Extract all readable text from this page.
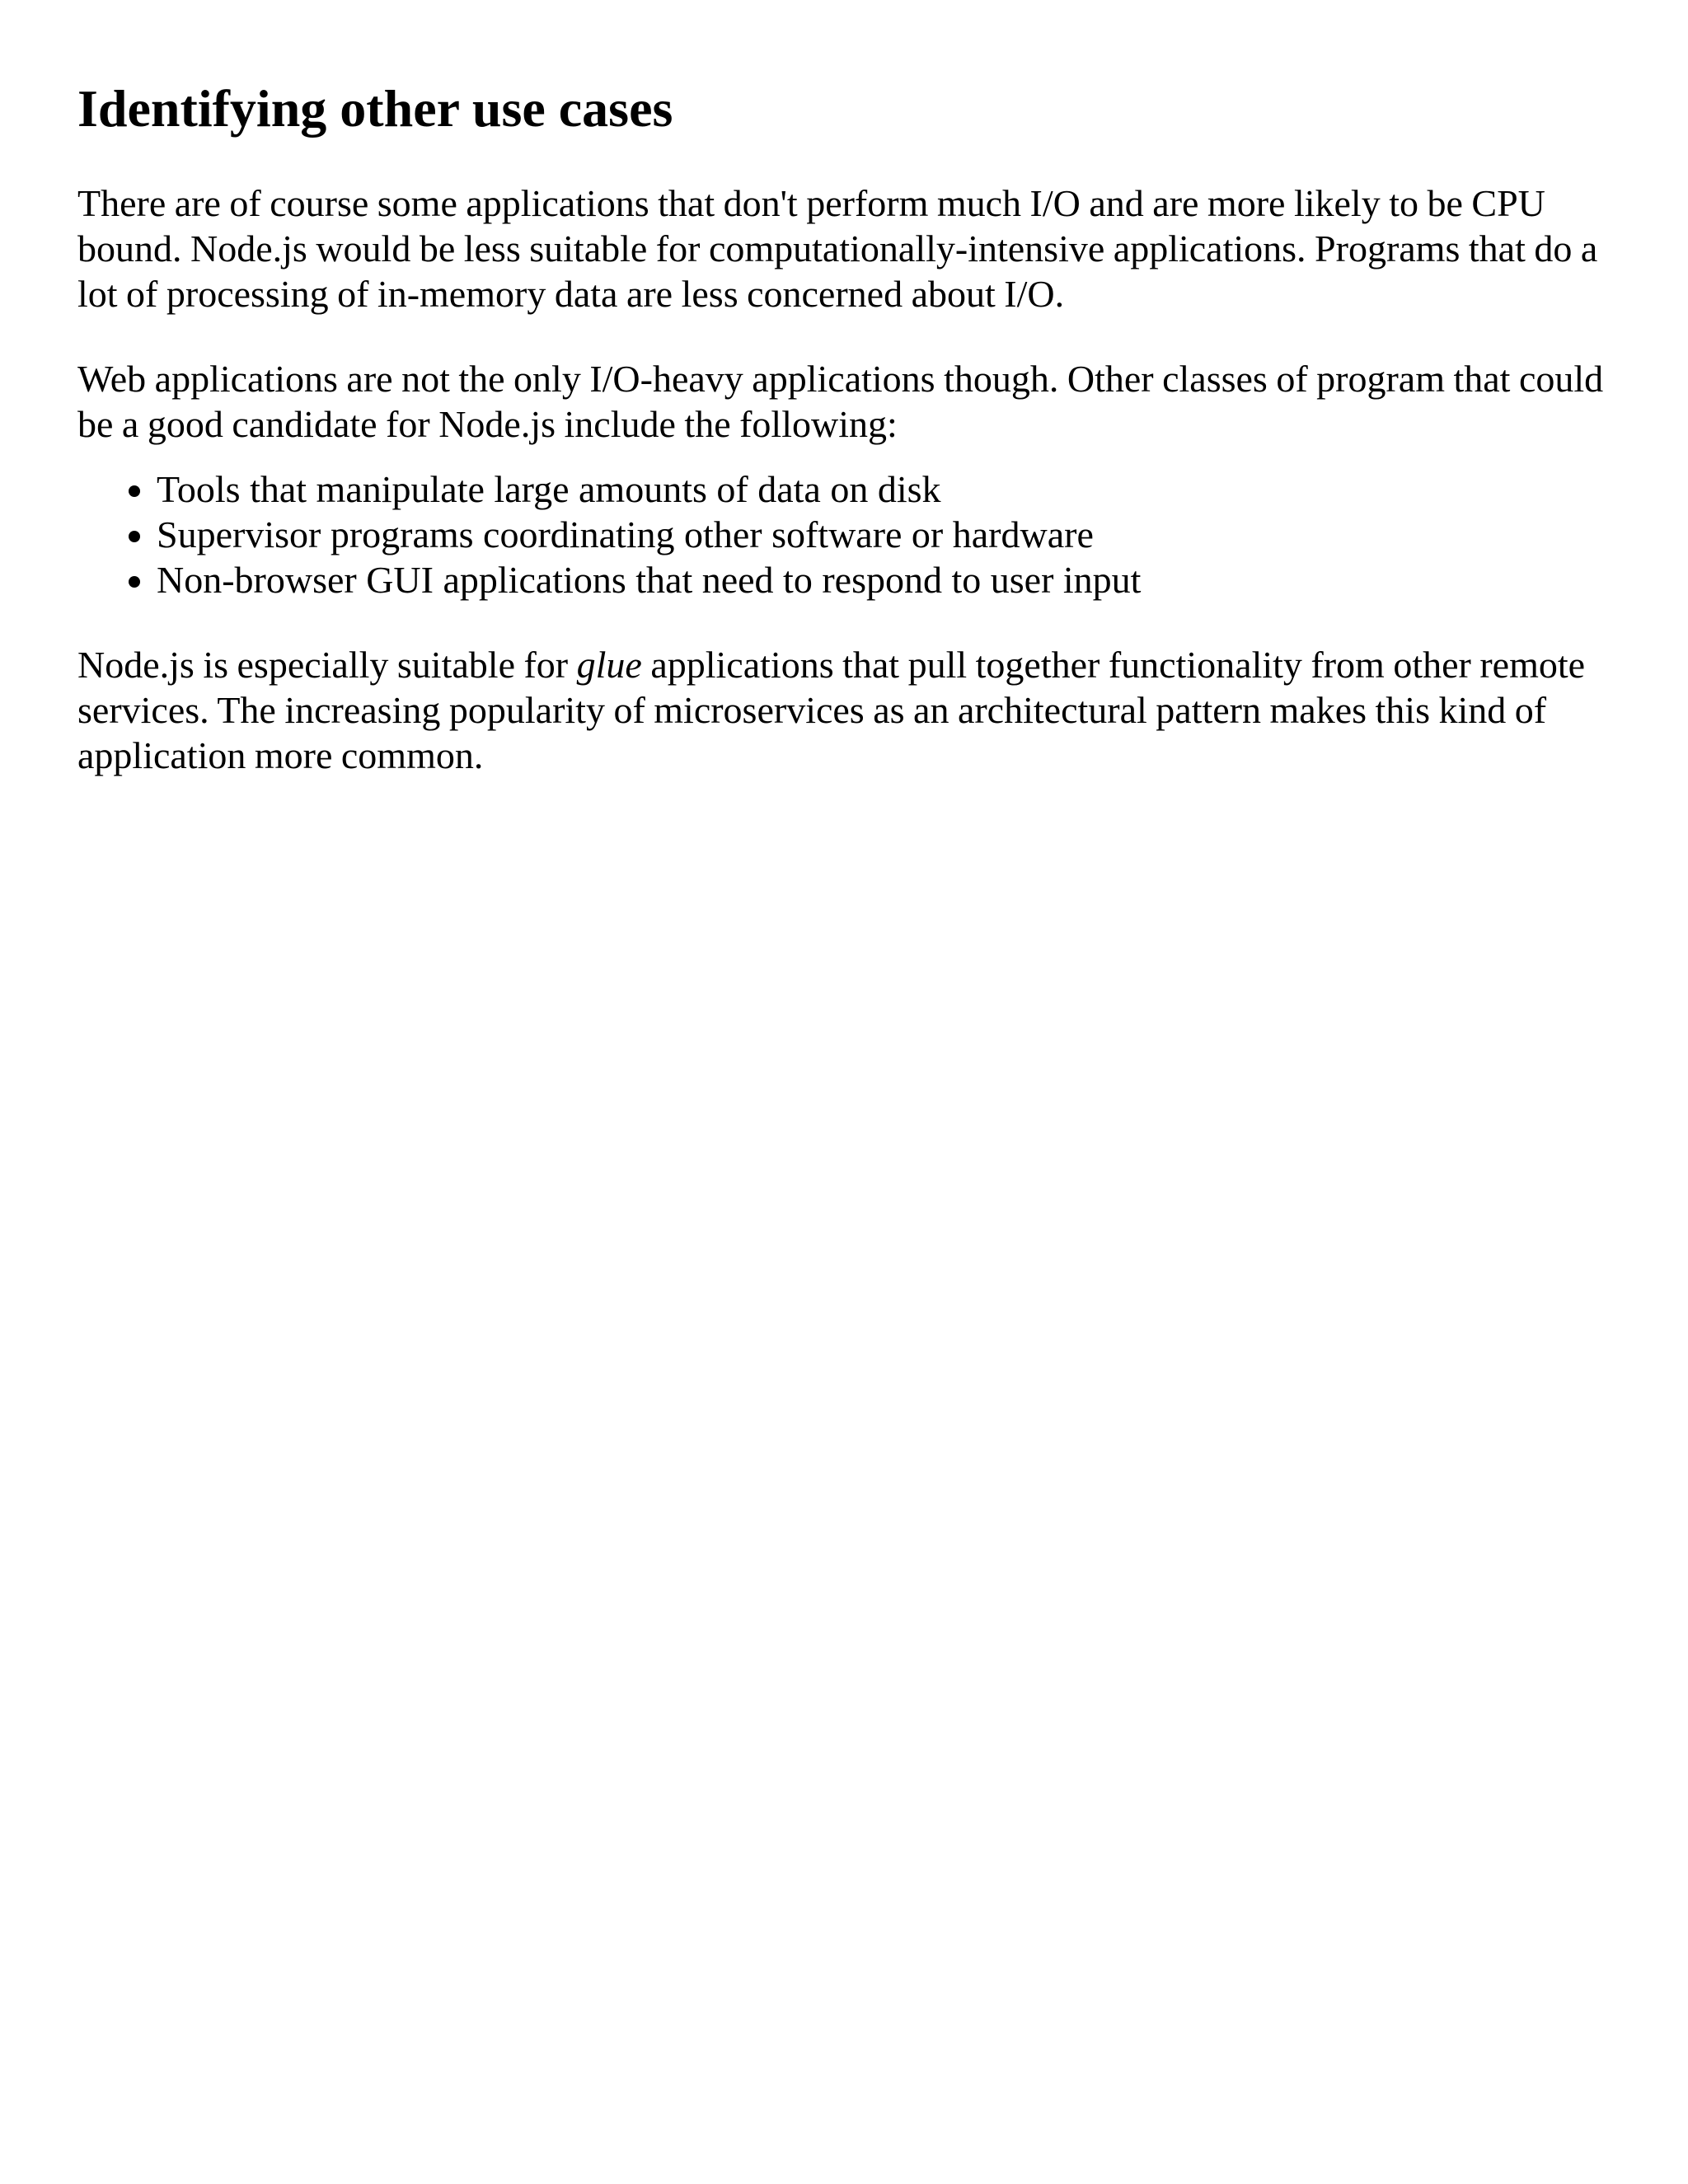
Identifying other use cases

There are of course some applications that don't perform much I/O and are more likely to be CPU bound. Node.js would be less suitable for computationally-intensive applications. Programs that do a lot of processing of in-memory data are less concerned about I/O.

Web applications are not the only I/O-heavy applications though. Other classes of program that could be a good candidate for Node.js include the following:

• Tools that manipulate large amounts of data on disk
• Supervisor programs coordinating other software or hardware
• Non-browser GUI applications that need to respond to user input

Node.js is especially suitable for glue applications that pull together functionality from other remote services. The increasing popularity of microservices as an architectural pattern makes this kind of application more common.
